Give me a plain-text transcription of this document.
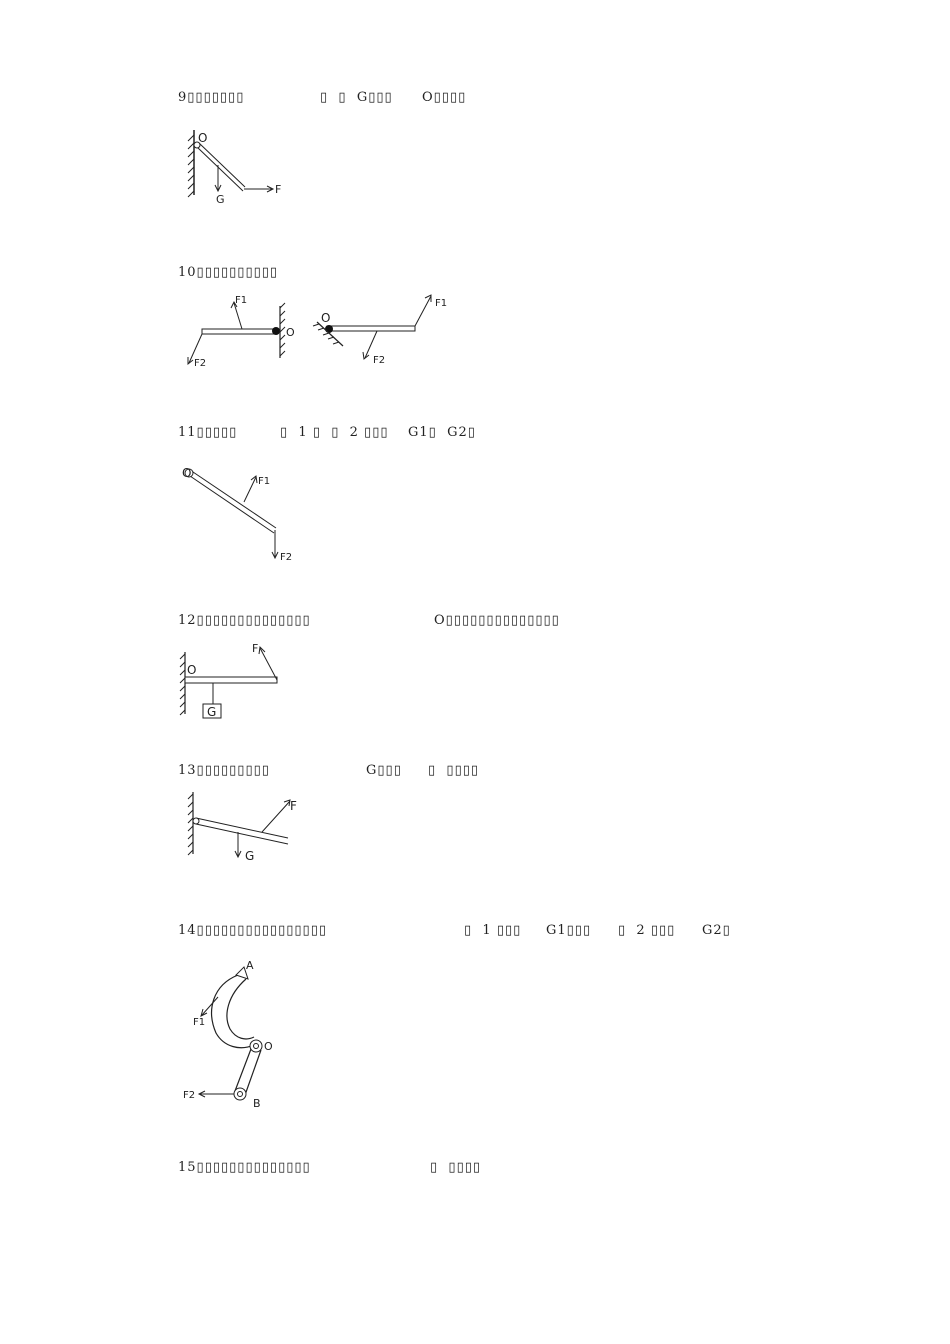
9▯▯▯▯▯▯▯

	▯  ▯  G▯▯▯

O▯▯▯▯

O
G
F

10▯▯▯▯▯▯▯▯▯▯

F1
F2
O
O
F1
F2

11▯▯▯▯▯

	▯  1 ▯  ▯  2 ▯▯▯

G1▯  G2▯

O
F1
F2

12▯▯▯▯▯▯▯▯▯▯▯▯▯▯

	O▯▯▯▯▯▯▯▯▯▯▯▯▯▯

O
F
G

13▯▯▯▯▯▯▯▯▯

	G▯▯▯

▯  ▯▯▯▯

F
G

14▯▯▯▯▯▯▯▯▯▯▯▯▯▯▯▯

	▯  1 ▯▯▯

G1▯▯▯

▯  2 ▯▯▯

G2▯

A
F1
O
F2
B

15▯▯▯▯▯▯▯▯▯▯▯▯▯▯

	▯  ▯▯▯▯
